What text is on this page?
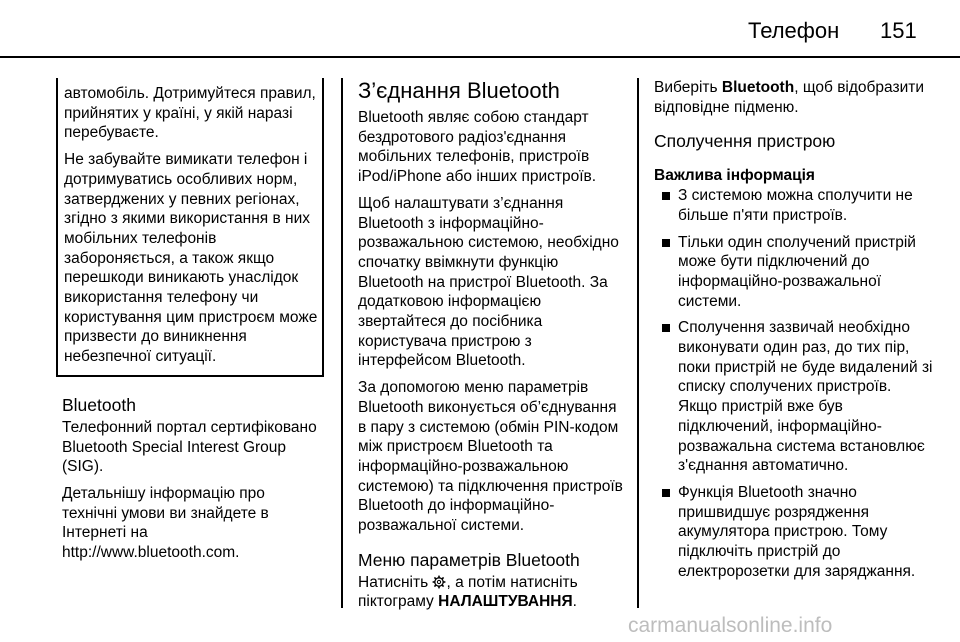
Телефон 151

автомобіль. Дотримуйтеся правил, прийнятих у країні, у якій наразі перебуваєте.

Не забувайте вимикати телефон і дотримуватись особливих норм, затверджених у певних регіонах, згідно з якими використання в них мобільних телефонів забороняється, а також якщо перешкоди виникають унаслідок використання телефону чи користування цим пристроєм може призвести до виникнення небезпечної ситуації.

Bluetooth

Телефонний портал сертифіковано Bluetooth Special Interest Group (SIG).

Детальнішу інформацію про технічні умови ви знайдете в Інтернеті на http://www.bluetooth.com.

З’єднання Bluetooth

Bluetooth являє собою стандарт бездротового радіоз'єднання мобільних телефонів, пристроїв iPod/iPhone або інших пристроїв.

Щоб налаштувати з’єднання Bluetooth з інформаційно-розважальною системою, необхідно спочатку ввімкнути функцію Bluetooth на пристрої Bluetooth. За додатковою інформацією звертайтеся до посібника користувача пристрою з інтерфейсом Bluetooth.

За допомогою меню параметрів Bluetooth виконується об’єднування в пару з системою (обмін PIN-кодом між пристроєм Bluetooth та інформаційно-розважальною системою) та підключення пристроїв Bluetooth до інформаційно-розважальної системи.

Меню параметрів Bluetooth

Натисніть , а потім натисніть піктограму НАЛАШТУВАННЯ.

Виберіть Bluetooth, щоб відобразити відповідне підменю.

Сполучення пристрою
Важлива інформація
З системою можна сполучити не більше п'яти пристроїв.
Тільки один сполучений пристрій може бути підключений до інформаційно-розважальної системи.
Сполучення зазвичай необхідно виконувати один раз, до тих пір, поки пристрій не буде видалений зі списку сполучених пристроїв. Якщо пристрій вже був підключений, інформаційно-розважальна система встановлює з'єднання автоматично.
Функція Bluetooth значно пришвидшує розрядження акумулятора пристрою. Тому підключіть пристрій до електророзетки для заряджання.
carmanualsonline.info
